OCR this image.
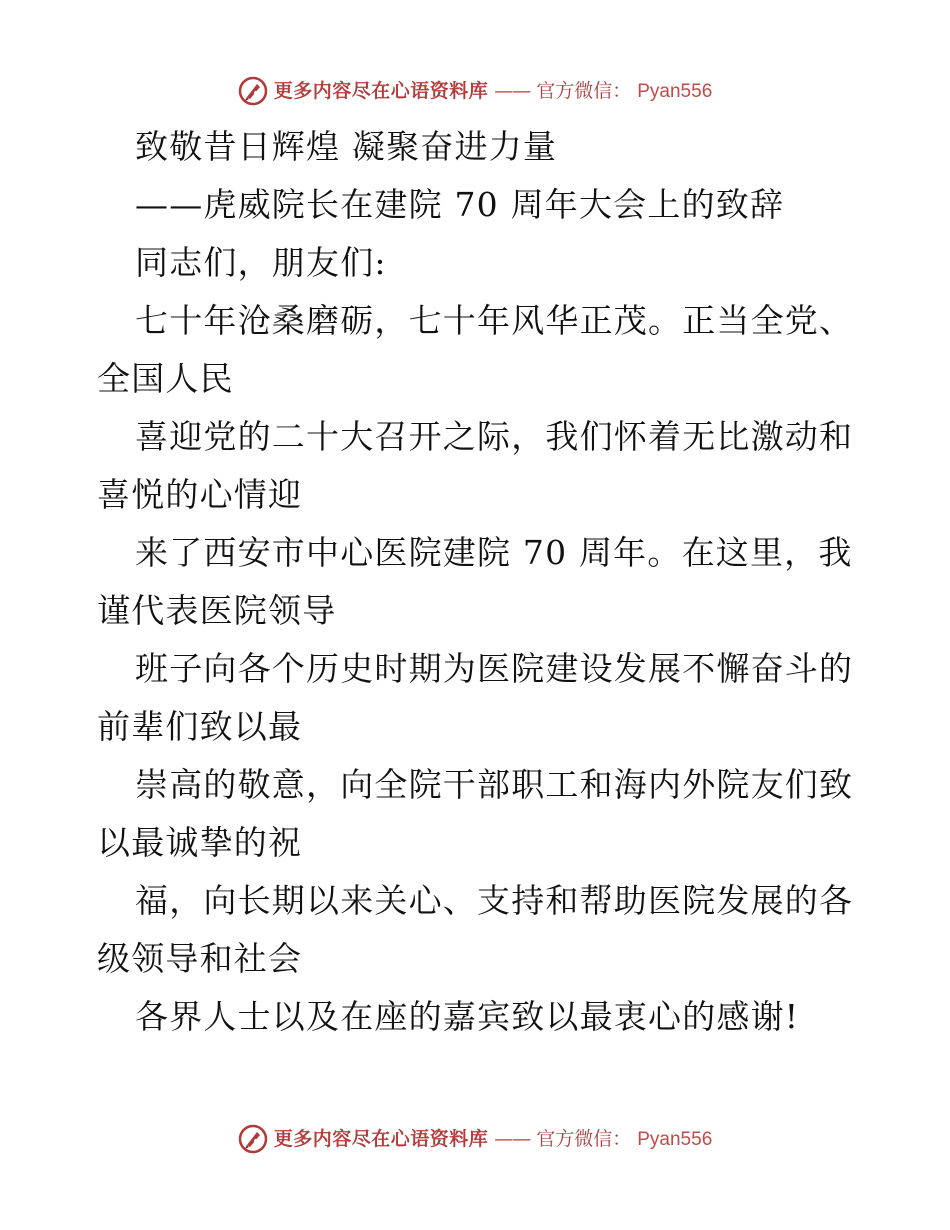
更多内容尽在心语资料库 —— 官方微信： Pyan556
致敬昔日辉煌 凝聚奋进力量
——虎威院长在建院 70 周年大会上的致辞
同志们，朋友们:
七十年沧桑磨砺，七十年风华正茂。正当全党、
全国人民
喜迎党的二十大召开之际，我们怀着无比激动和
喜悦的心情迎
来了西安市中心医院建院 70 周年。在这里，我
谨代表医院领导
班子向各个历史时期为医院建设发展不懈奋斗的
前辈们致以最
崇高的敬意，向全院干部职工和海内外院友们致
以最诚挚的祝
福，向长期以来关心、支持和帮助医院发展的各
级领导和社会
各界人士以及在座的嘉宾致以最衷心的感谢!
更多内容尽在心语资料库 —— 官方微信： Pyan556
